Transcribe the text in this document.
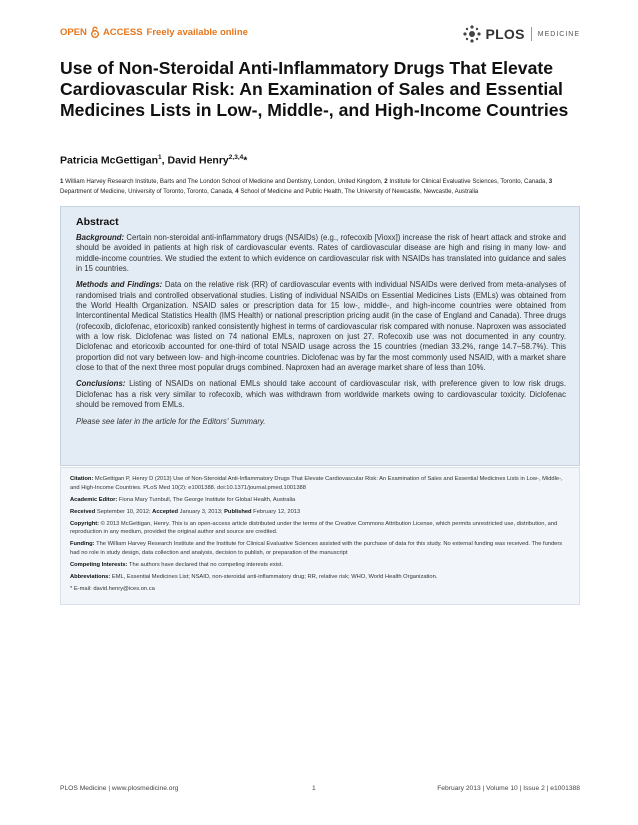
OPEN ACCESS Freely available online	PLOS MEDICINE
Use of Non-Steroidal Anti-Inflammatory Drugs That Elevate Cardiovascular Risk: An Examination of Sales and Essential Medicines Lists in Low-, Middle-, and High-Income Countries
Patricia McGettigan$^1$, David Henry$^{2,3,4}$*
1 William Harvey Research Institute, Barts and The London School of Medicine and Dentistry, London, United Kingdom, 2 Institute for Clinical Evaluative Sciences, Toronto, Canada, 3 Department of Medicine, University of Toronto, Toronto, Canada, 4 School of Medicine and Public Health, The University of Newcastle, Newcastle, Australia
Abstract

Background: Certain non-steroidal anti-inflammatory drugs (NSAIDs) (e.g., rofecoxib [Vioxx]) increase the risk of heart attack and stroke and should be avoided in patients at high risk of cardiovascular events. Rates of cardiovascular disease are high and rising in many low- and middle-income countries. We studied the extent to which evidence on cardiovascular risk with NSAIDs has translated into guidance and sales in 15 countries.

Methods and Findings: Data on the relative risk (RR) of cardiovascular events with individual NSAIDs were derived from meta-analyses of randomised trials and controlled observational studies. Listing of individual NSAIDs on Essential Medicines Lists (EMLs) was obtained from the World Health Organization. NSAID sales or prescription data for 15 low-, middle-, and high-income countries were obtained from Intercontinental Medical Statistics Health (IMS Health) or national prescription pricing audit (in the case of England and Canada). Three drugs (rofecoxib, diclofenac, etoricoxib) ranked consistently highest in terms of cardiovascular risk compared with nonuse. Naproxen was associated with a low risk. Diclofenac was listed on 74 national EMLs, naproxen on just 27. Rofecoxib use was not documented in any country. Diclofenac and etoricoxib accounted for one-third of total NSAID usage across the 15 countries (median 33.2%, range 14.7–58.7%). This proportion did not vary between low- and high-income countries. Diclofenac was by far the most commonly used NSAID, with a market share close to that of the next three most popular drugs combined. Naproxen had an average market share of less than 10%.

Conclusions: Listing of NSAIDs on national EMLs should take account of cardiovascular risk, with preference given to low risk drugs. Diclofenac has a risk very similar to rofecoxib, which was withdrawn from worldwide markets owing to cardiovascular toxicity. Diclofenac should be removed from EMLs.

Please see later in the article for the Editors' Summary.

Citation: McGettigan P, Henry D (2013) Use of Non-Steroidal Anti-Inflammatory Drugs That Elevate Cardiovascular Risk: An Examination of Sales and Essential Medicines Lists in Low-, Middle-, and High-Income Countries. PLoS Med 10(2): e1001388. doi:10.1371/journal.pmed.1001388

Academic Editor: Fiona Mary Turnbull, The George Institute for Global Health, Australia

Received September 10, 2012; Accepted January 3, 2013; Published February 12, 2013

Copyright: © 2013 McGettigan, Henry. This is an open-access article distributed under the terms of the Creative Commons Attribution License, which permits unrestricted use, distribution, and reproduction in any medium, provided the original author and source are credited.

Funding: The William Harvey Research Institute and the Institute for Clinical Evaluative Sciences assisted with the purchase of data for this study. No external funding was received. The funders had no role in study design, data collection and analysis, decision to publish, or preparation of the manuscript

Competing Interests: The authors have declared that no competing interests exist.

Abbreviations: EML, Essential Medicines List; NSAID, non-steroidal anti-inflammatory drug; RR, relative risk; WHO, World Health Organization.

* E-mail: david.henry@ices.on.ca

PLOS Medicine | www.plosmedicine.org	1	February 2013 | Volume 10 | Issue 2 | e1001388
